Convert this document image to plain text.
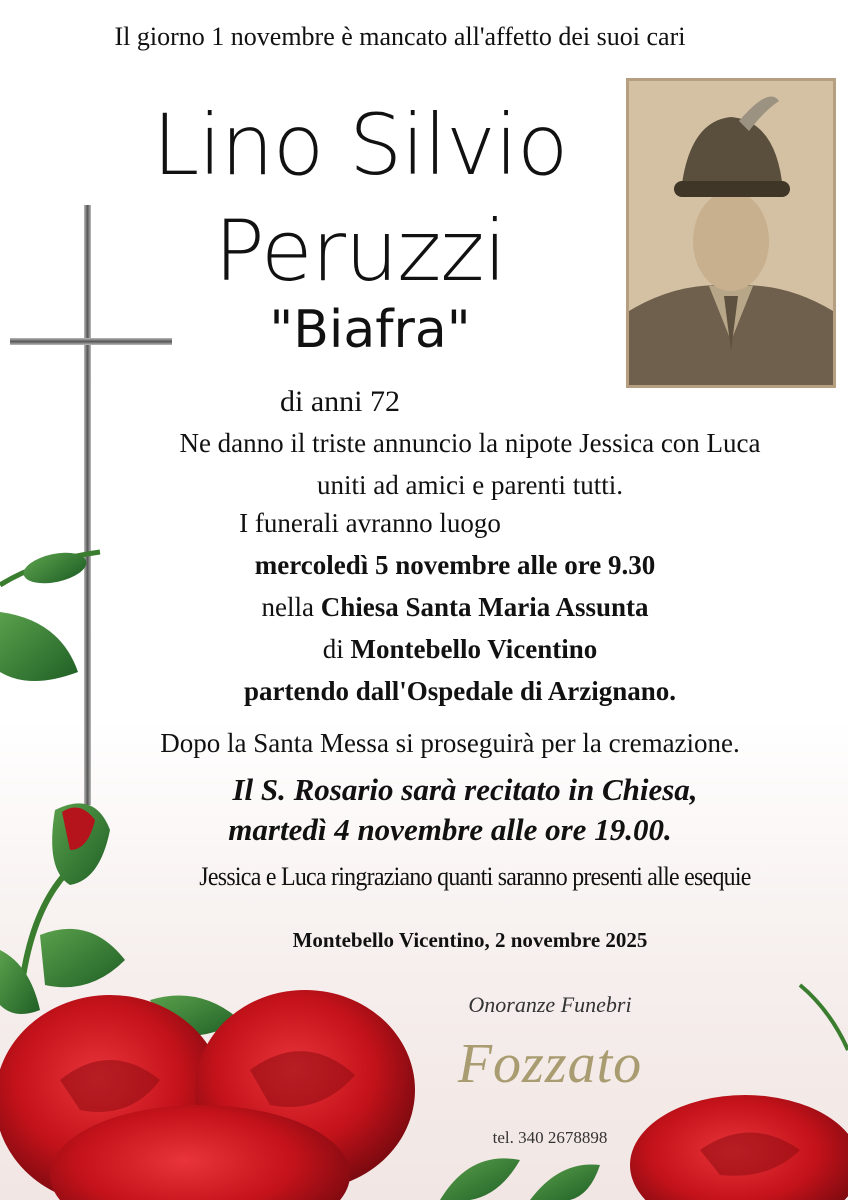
Il giorno 1 novembre è mancato all'affetto dei suoi cari

Lino Silvio

Peruzzi

"Biafra"

di anni 72

Ne danno il triste annuncio la nipote Jessica con Luca

uniti ad amici e parenti tutti.

I funerali avranno luogo

mercoledì 5 novembre alle ore 9.30

nella Chiesa Santa Maria Assunta

di Montebello Vicentino

partendo dall'Ospedale di Arzignano.

Dopo la Santa Messa si proseguirà per la cremazione.

Il S. Rosario sarà recitato in Chiesa,

martedì 4 novembre alle ore 19.00.

Jessica e Luca ringraziano quanti saranno presenti alle esequie

Montebello Vicentino, 2 novembre 2025

Onoranze Funebri

Fozzato

tel. 340 2678898
